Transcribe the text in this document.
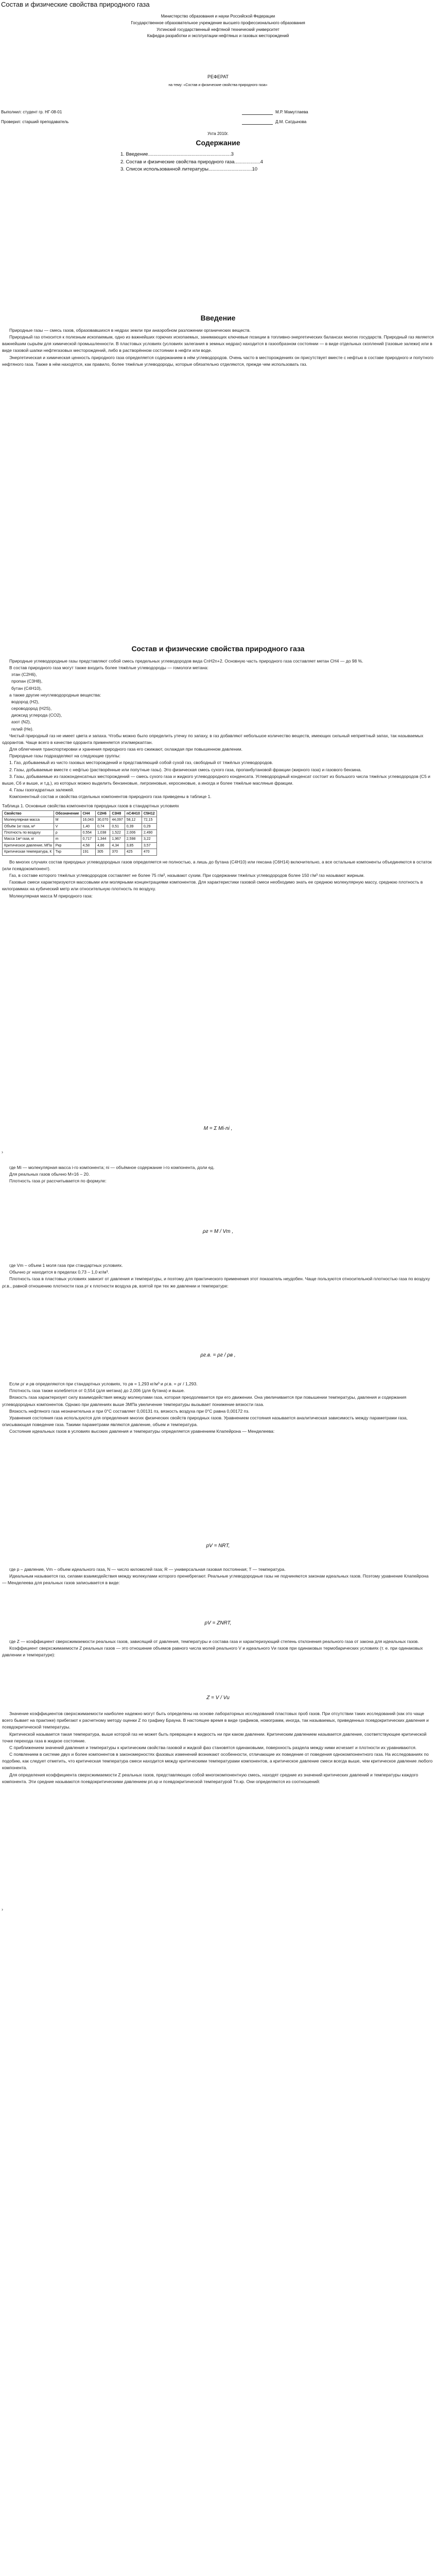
Состав и физические свойства природного газа

Министерство образования и науки Российской Федерации

Государственное образовательное учреждение высшего профессионального образования

Ухтинский государственный нефтяной технический университет

Кафедра разработки и эксплуатации нефтяных и газовых месторождений

РЕФЕРАТ
на тему: «Состав и физические свойства природного газа»
Выполнил: студент гр. НГ-08-01	М.Р. Мамутлаева
Проверил: старший преподаватель	Д.М. Сатдынова
Ухта 2010г.

Содержание

1. Введение.............................................................3
2. Состав и физические свойства природного газа...................4
3. Список использованной литературы................................10

Введение

Природные газы — смесь газов, образовавшихся в недрах земли при анаэробном разложении органических веществ.

Природный газ относится к полезным ископаемым, одно из важнейших горючих ископаемых, занимающих ключевые позиции в топливно-энергетических балансах многих государств. Природный газ является важнейшим сырьём для химической промышленности. В пластовых условиях (условиях залегания в земных недрах) находится в газообразном состоянии — в виде отдельных скоплений (газовые залежи) или в виде газовой шапки нефтегазовых месторождений, либо в растворённом состоянии в нефти или воде.

Энергетическая и химическая ценность природного газа определяется содержанием в нём углеводородов. Очень часто в месторождениях он присутствует вместе с нефтью в составе природного и попутного нефтяного газа. Также в нём находятся, как правило, более тяжёлые углеводороды, которые обязательно отделяются, прежде чем использовать газ.

Состав и физические свойства природного газа

Природные углеводородные газы представляют собой смесь предельных углеводородов вида CnH2n+2. Основную часть природного газа составляет метан CH4 — до 98 %.

В состав природного газа могут также входить более тяжёлые углеводороды — гомологи метана:

этан (C2H6),
пропан (C3H8),
бутан (C4H10),

а также другие неуглеводородные вещества:

водород (H2),
сероводород (H2S),
диоксид углерода (CO2),
азот (N2),
гелий (He).

Чистый природный газ не имеет цвета и запаха. Чтобы можно было определить утечку по запаху, в газ добавляют небольшое количество веществ, имеющих сильный неприятный запах, так называемых одорантов. Чаще всего в качестве одоранта применяется этилмеркаптан.

Для облегчения транспортировки и хранения природного газа его сжижают, охлаждая при повышенном давлении.

Природные газы подразделяют на следующие группы:

1. Газ, добываемый из чисто газовых месторождений и представляющий собой сухой газ, свободный от тяжёлых углеводородов.

2. Газы, добываемые вместе с нефтью (растворённые или попутные газы). Это физическая смесь сухого газа, пропанбутановой фракции (жирного газа) и газового бензина.

3. Газы, добываемые из газоконденсатных месторождений — смесь сухого газа и жидкого углеводородного конденсата. Углеводородный конденсат состоит из большого числа тяжёлых углеводородов (C5 и выше, C6 и выше, и т.д.), из которых можно выделить бензиновые, лигроиновые, керосиновые, а иногда и более тяжёлые масляные фракции.

4. Газы газогидратных залежей.

Компонентный состав и свойства отдельных компонентов природного газа приведены в таблице 1.

Таблица 1. Основные свойства компонентов природных газов в стандартных условиях

Свойство	Обозначение	CH4	C2H6	C3H8	nC4H10	C5H12
Молекулярная масса	M	16,043	30,070	44,097	58,12	72,15
Объём 1кг газа, м³	V	1,40	0,74	0,51	0,39	0,29
Плотность по воздуху	ρ	0,554	1,038	1,522	2,006	2,490
Масса 1м³ газа, кг	m	0,717	1,344	1,967	2,598	3,22
Критическое давление, МПа	Pкр	4,58	4,86	4,34	3,85	3,57
Критическая температура, К	Tкр	191	305	370	425	470

Во многих случаях состав природных углеводородных газов определяется не полностью, а лишь до бутана (C4H10) или гексана (C6H14) включительно, а все остальные компоненты объединяются в остаток (или псевдокомпонент).

Газ, в составе которого тяжёлых углеводородов составляет не более 75 г/м³, называют сухим. При содержании тяжёлых углеводородов более 150 г/м³ газ называют жирным.

Газовые смеси характеризуются массовыми или молярными концентрациями компонентов. Для характеристики газовой смеси необходимо знать ее среднюю молекулярную массу, среднюю плотность в килограммах на кубический метр или относительную плотность по воздуху.

Молекулярная масса M природного газа:

M = Σ Mi·ni ,

›

где Mi — молекулярная масса i-го компонента; ni — объёмное содержание i-го компонента, доли ед.

Для реальных газов обычно M=16 – 20.

Плотность газа ρг рассчитывается по формуле:

ρг = M / Vm ,

где Vm – объем 1 моля газа при стандартных условиях.

Обычно ρг находится в пределах 0,73 – 1,0 кг/м³.

Плотность газа в пластовых условиях зависит от давления и температуры, и поэтому для практического применения этот показатель неудобен. Чаще пользуются относительной плотностью газа по воздуху ρг.в., равной отношению плотности газа ρг к плотности воздуха ρв, взятой при тех же давлении и температуре:

ρг.в. = ρг / ρв ,

Если ρг и ρв определяются при стандартных условиях, то ρв = 1,293 кг/м³ и ρг.в. = ρг / 1,293.

Плотность газа также колеблется от 0,554 (для метана) до 2,006 (для бутана) и выше.

Вязкость газа характеризует силу взаимодействия между молекулами газа, которая преодолевается при его движении. Она увеличивается при повышении температуры, давления и содержания углеводородных компонентов. Однако при давлениях выше 3МПа увеличение температуры вызывает понижение вязкости газа.

Вязкость нефтяного газа незначительна и при 0°С составляет 0,00131 пз, вязкость воздуха при 0°С равна 0,00172 пз.

Уравнения состояния газа используются для определения многих физических свойств природных газов. Уравнением состояния называется аналитическая зависимость между параметрами газа, описывающая поведение газа. Такими параметрами являются давление, объем и температура.

Состояние идеальных газов в условиях высоких давления и температуры определяется уравнением Клапейрона — Менделеева:

pV = NRT,

где p – давление, Vm – объем идеального газа, N — число киломолей газа; R — универсальная газовая постоянная; T — температура.

Идеальным называется газ, силами взаимодействия между молекулами которого пренебрегают. Реальные углеводородные газы не подчиняются законам идеальных газов. Поэтому уравнение Клапейрона — Менделеева для реальных газов записывается в виде:

pV = ZNRT,

где Z — коэффициент сверхсжимаемости реальных газов, зависящий от давления, температуры и состава газа и характеризующий степень отклонения реального газа от закона для идеальных газов.

Коэффициент сверхсжимаемости Z реальных газов — это отношение объемов равного числа молей реального V и идеального Vи газов при одинаковых термобарических условиях (т. е. при одинаковых давлении и температуре):

Z = V / Vи

Значение коэффициентов сверхсжимаемости наиболее надежно могут быть определены на основе лабораторных исследований пластовых проб газов. При отсутствии таких исследований (как это чаще всего бывает на практике) прибегают к расчетному методу оценки Z по графику Брауна. В настоящее время в виде графиков, номограмм, иногда, так называемых, приведенных псевдокритических давления и псевдокритической температуры.

Критической называется такая температура, выше которой газ не может быть превращен в жидкость ни при каком давлении. Критическим давлением называется давление, соответствующее критической точке перехода газа в жидкое состояние.

С приближением значений давления и температуры к критическим свойства газовой и жидкой фаз становятся одинаковыми, поверхность раздела между ними исчезает и плотности их уравниваются.

С появлением в системе двух и более компонентов в закономерностях фазовых изменений возникают особенности, отличающие их поведение от поведения однокомпонентного газа. На исследованиях по подобию, как следует отметить, что критическая температура смеси находится между критическими температурами компонентов, а критическое давление смеси всегда выше, чем критическое давление любого компонента.

Для определения коэффициента сверхсжимаемости Z реальных газов, представляющих собой многокомпонентную смесь, находят средние из значений критических давлений и температуры каждого компонента. Эти средние называются псевдокритическими давлением pп.кр и псевдокритической температурой Tп.кр. Они определяются из соотношений:

›
